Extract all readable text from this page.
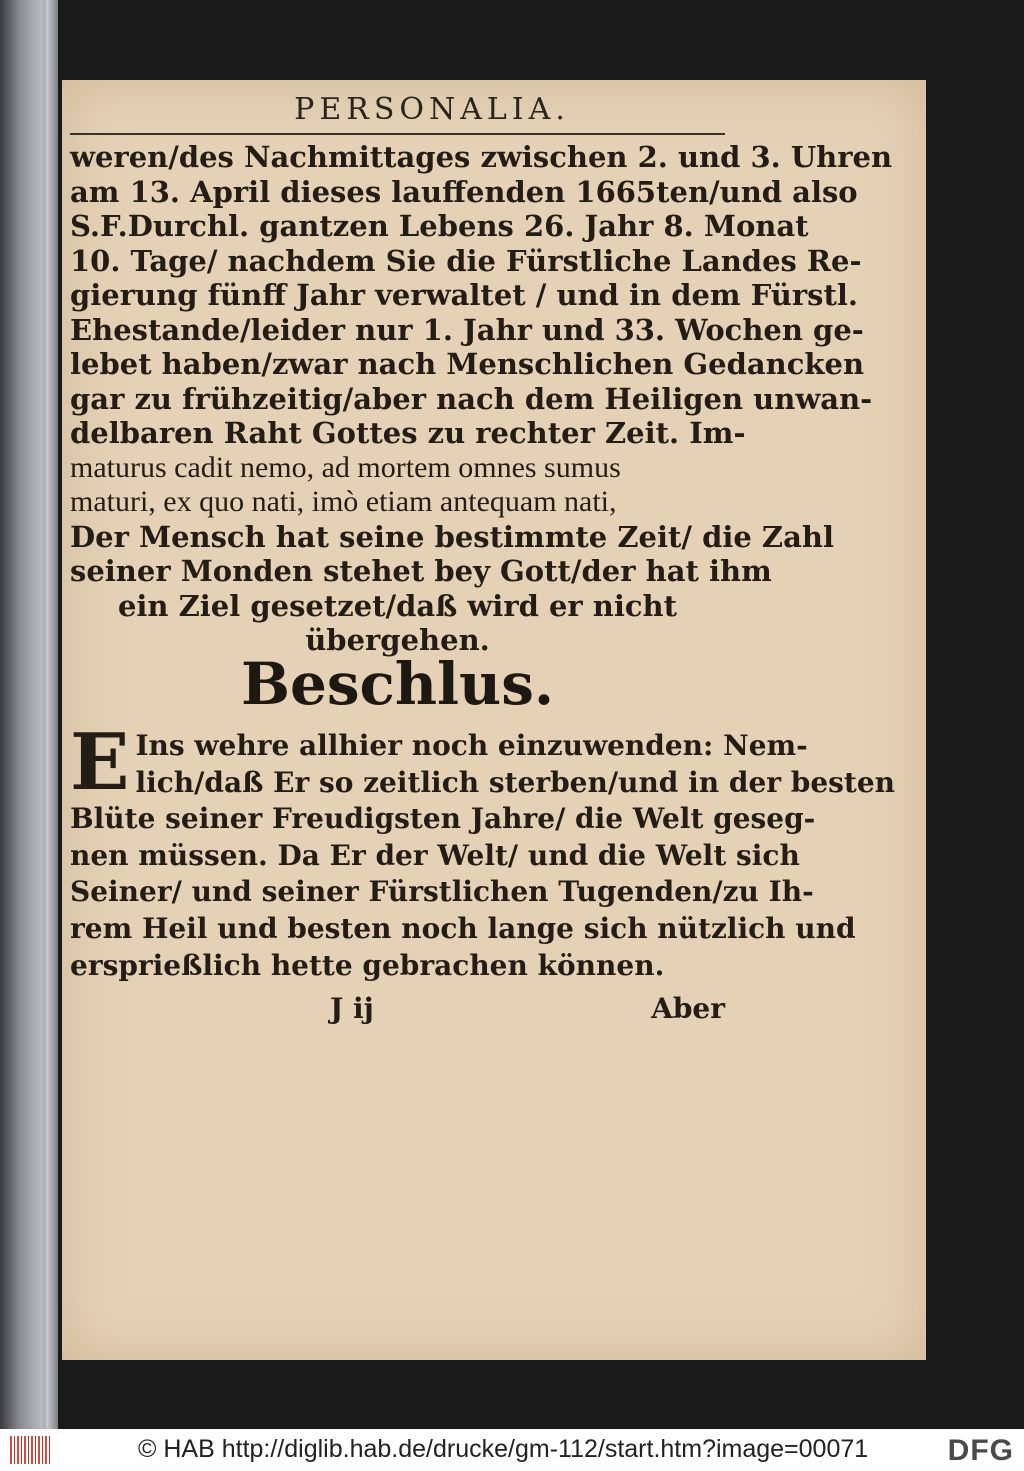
PERSONALIA.
weren/des Nachmittages zwischen 2. und 3. Uhren
am 13. April dieses lauffenden 1665ten/und also
S.F.Durchl. gantzen Lebens 26. Jahr 8. Monat
10. Tage/ nachdem Sie die Fürstliche Landes Re-
gierung fünff Jahr verwaltet / und in dem Fürstl.
Ehestande/leider nur 1. Jahr und 33. Wochen ge-
lebet haben/zwar nach Menschlichen Gedancken
gar zu frühzeitig/aber nach dem Heiligen unwan-
delbaren Raht Gottes zu rechter Zeit. Im-
maturus cadit nemo, ad mortem omnes sumus
maturi, ex quo nati, imò etiam antequam nati,
Der Mensch hat seine bestimmte Zeit/ die Zahl
seiner Monden stehet bey Gott/der hat ihm
ein Ziel gesetzet/daß wird er nicht
übergehen.
Beschlus.
E Ins wehre allhier noch einzuwenden: Nem-
lich/daß Er so zeitlich sterben/und in der besten
Blüte seiner Freudigsten Jahre/ die Welt geseg-
nen müssen. Da Er der Welt/ und die Welt sich
Seiner/ und seiner Fürstlichen Tugenden/zu Ih-
rem Heil und besten noch lange sich nützlich und
ersprießlich hette gebrachen können.
J ij	Aber
© HAB http://diglib.hab.de/drucke/gm-112/start.htm?image=00071	DFG
